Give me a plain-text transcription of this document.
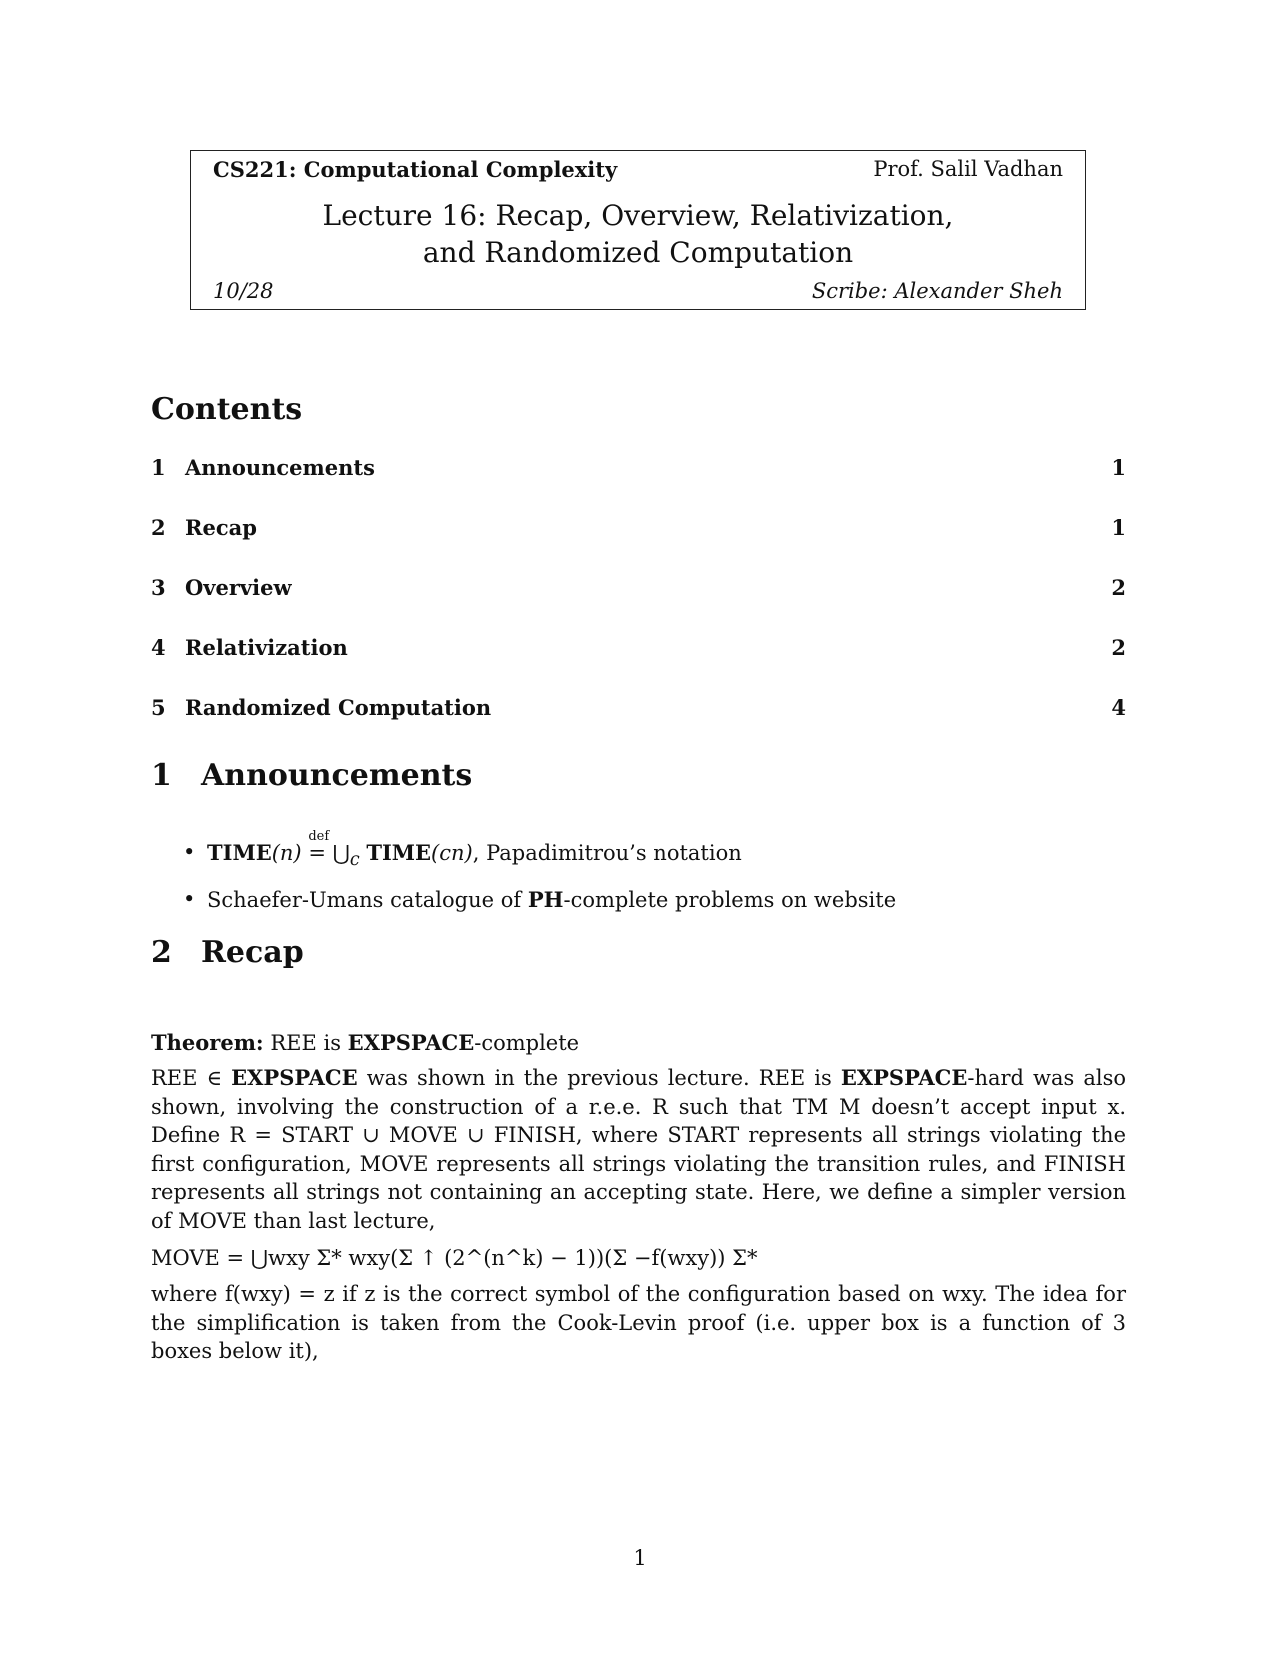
CS221: Computational Complexity	Prof. Salil Vadhan
Lecture 16: Recap, Overview, Relativization,
and Randomized Computation
10/28	Scribe: Alexander Sheh
Contents
1 Announcements	1
2 Recap	1
3 Overview	2
4 Relativization	2
5 Randomized Computation	4
1 Announcements
• TIME(n)
def
= $⋃_c$ TIME(cn), Papadimitrou’s notation
• Schaefer-Umans catalogue of PH-complete problems on website
2 Recap
Theorem: REE is EXPSPACE-complete

REE ∈ EXPSPACE was shown in the previous lecture. REE is EXPSPACE-hard was also shown, involving the construction of a r.e.e. R such that TM M doesn’t accept input x. Define R = START ∪ MOVE ∪ FINISH, where START represents all strings violating the first configuration, MOVE represents all strings violating the transition rules, and FINISH represents all strings not containing an accepting state. Here, we define a simpler version of MOVE than last lecture,

MOVE = ⋃wxy Σ* wxy(Σ ↑ (2^(n^k) − 1))(Σ −f(wxy)) Σ*

where f(wxy) = z if z is the correct symbol of the configuration based on wxy. The idea for the simplification is taken from the Cook-Levin proof (i.e. upper box is a function of 3 boxes below it),

1
